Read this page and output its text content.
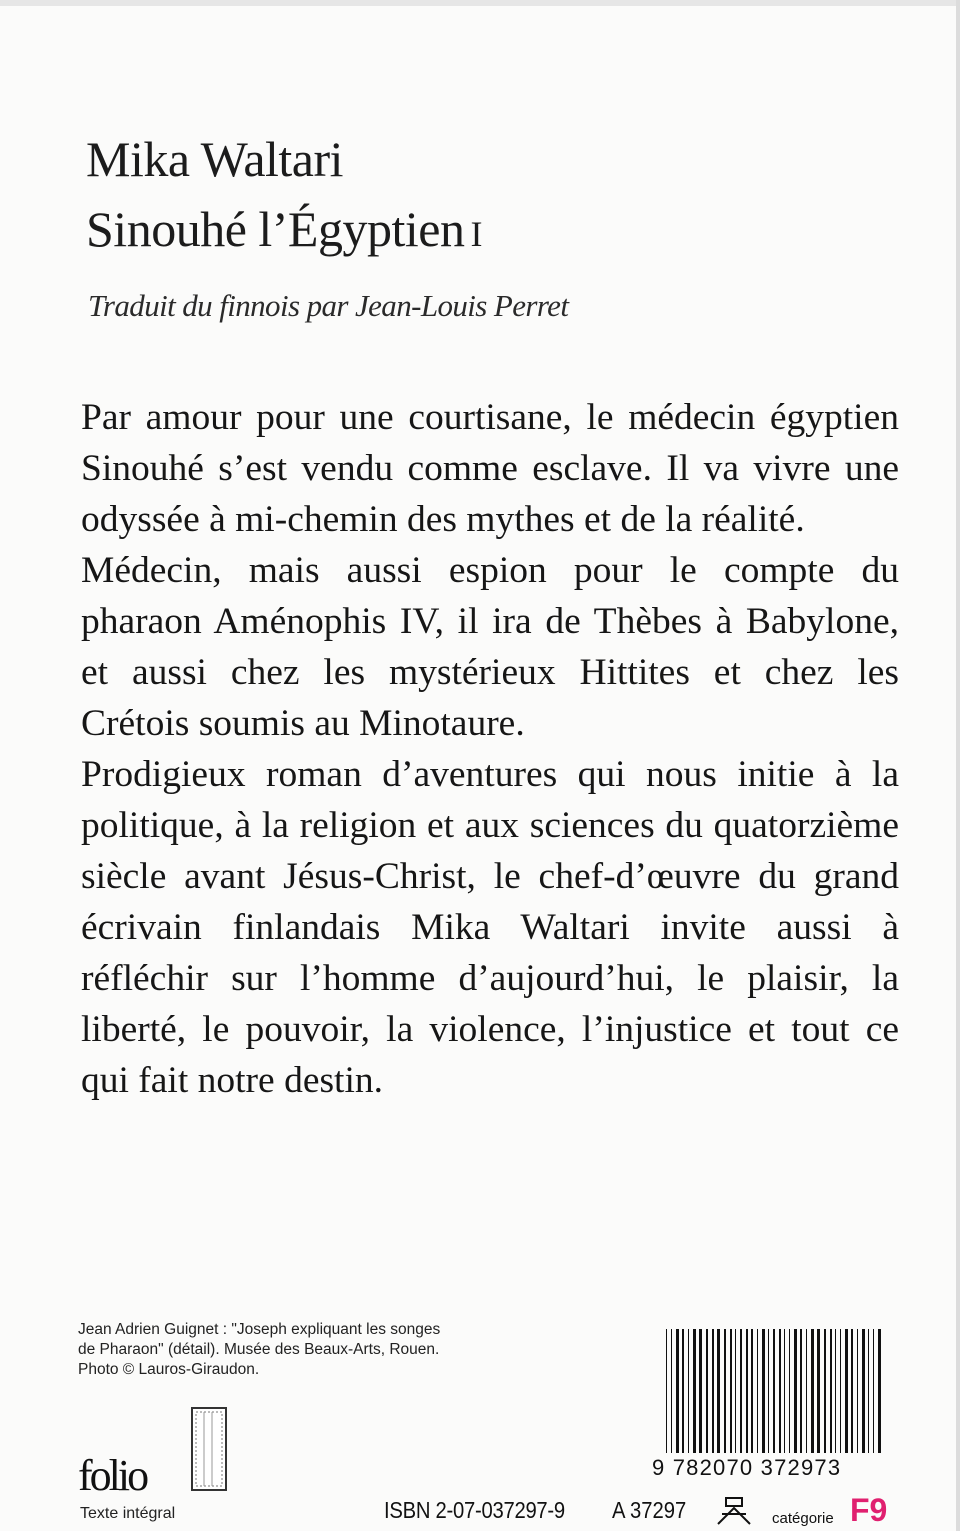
Mika Waltari
Sinouhé l’Égyptien I
Traduit du finnois par Jean-Louis Perret

Par amour pour une courtisane, le médecin égyptien Sinouhé s’est vendu comme esclave. Il va vivre une odyssée à mi-chemin des mythes et de la réalité.

Médecin, mais aussi espion pour le compte du pharaon Aménophis IV, il ira de Thèbes à Babylone, et aussi chez les mystérieux Hittites et chez les Crétois soumis au Minotaure.

Prodigieux roman d’aventures qui nous initie à la politique, à la religion et aux sciences du quatorzième siècle avant Jésus-Christ, le chef-d’œuvre du grand écrivain finlandais Mika Waltari invite aussi à réfléchir sur l’homme d’aujourd’hui, le plaisir, la liberté, le pouvoir, la violence, l’injustice et tout ce qui fait notre destin.

Jean Adrien Guignet : "Joseph expliquant les songes
de Pharaon" (détail). Musée des Beaux-Arts, Rouen.
Photo © Lauros-Giraudon.
folio
Texte intégral
9 782070 372973
ISBN 2-07-037297-9 A 37297	catégorie F9
